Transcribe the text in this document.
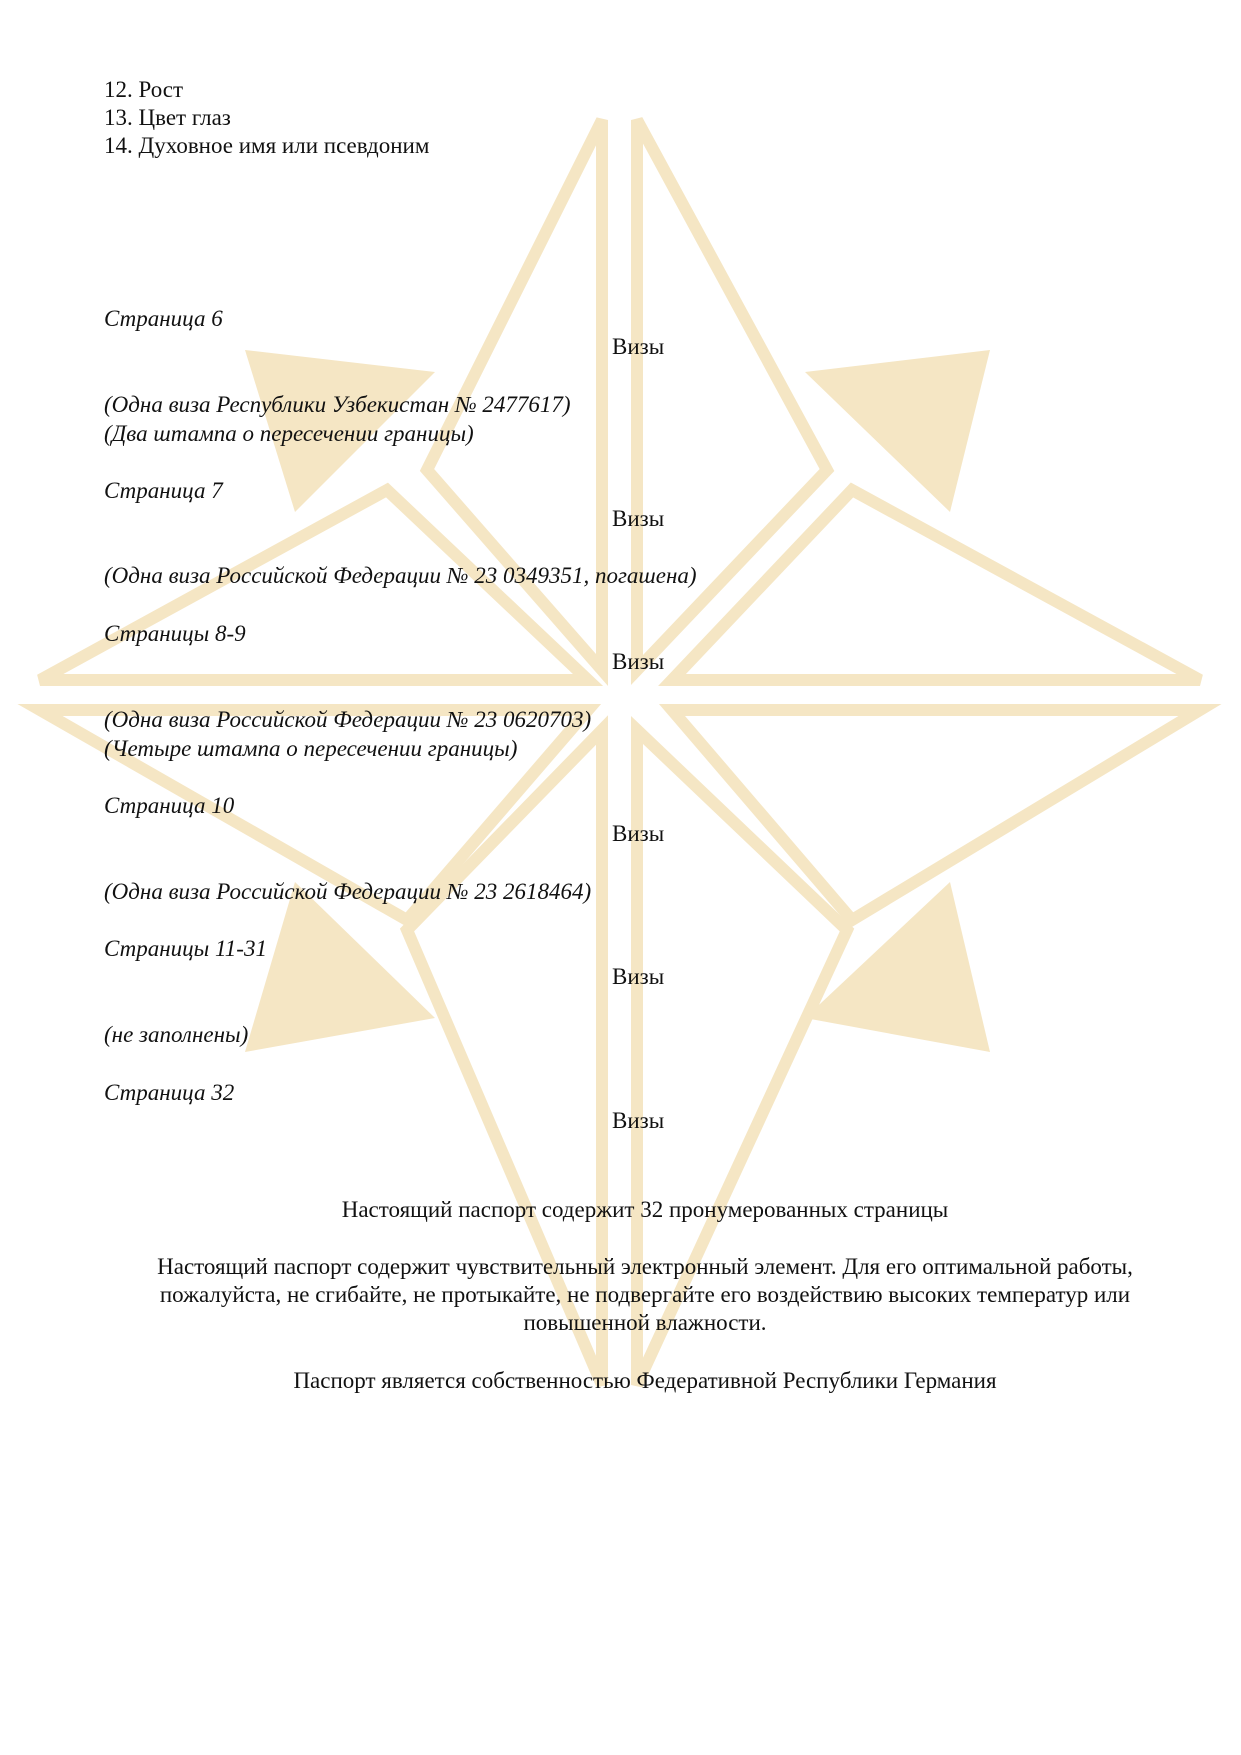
12. Рост
13. Цвет глаз
14. Духовное имя или псевдоним
Страница 6
Визы
(Одна виза Республики Узбекистан № 2477617)
(Два штампа о пересечении границы)
Страница 7
Визы
(Одна виза Российской Федерации № 23 0349351, погашена)
Страницы 8-9
Визы
(Одна виза Российской Федерации № 23 0620703)
(Четыре штампа о пересечении границы)
Страница 10
Визы
(Одна виза Российской Федерации № 23 2618464)
Страницы 11-31
Визы
(не заполнены)
Страница 32
Визы
Настоящий паспорт содержит 32 пронумерованных страницы
Настоящий паспорт содержит чувствительный электронный элемент. Для его оптимальной работы,
пожалуйста, не сгибайте, не протыкайте, не подвергайте его воздействию высоких температур или
повышенной влажности.
Паспорт является собственностью Федеративной Республики Германия
